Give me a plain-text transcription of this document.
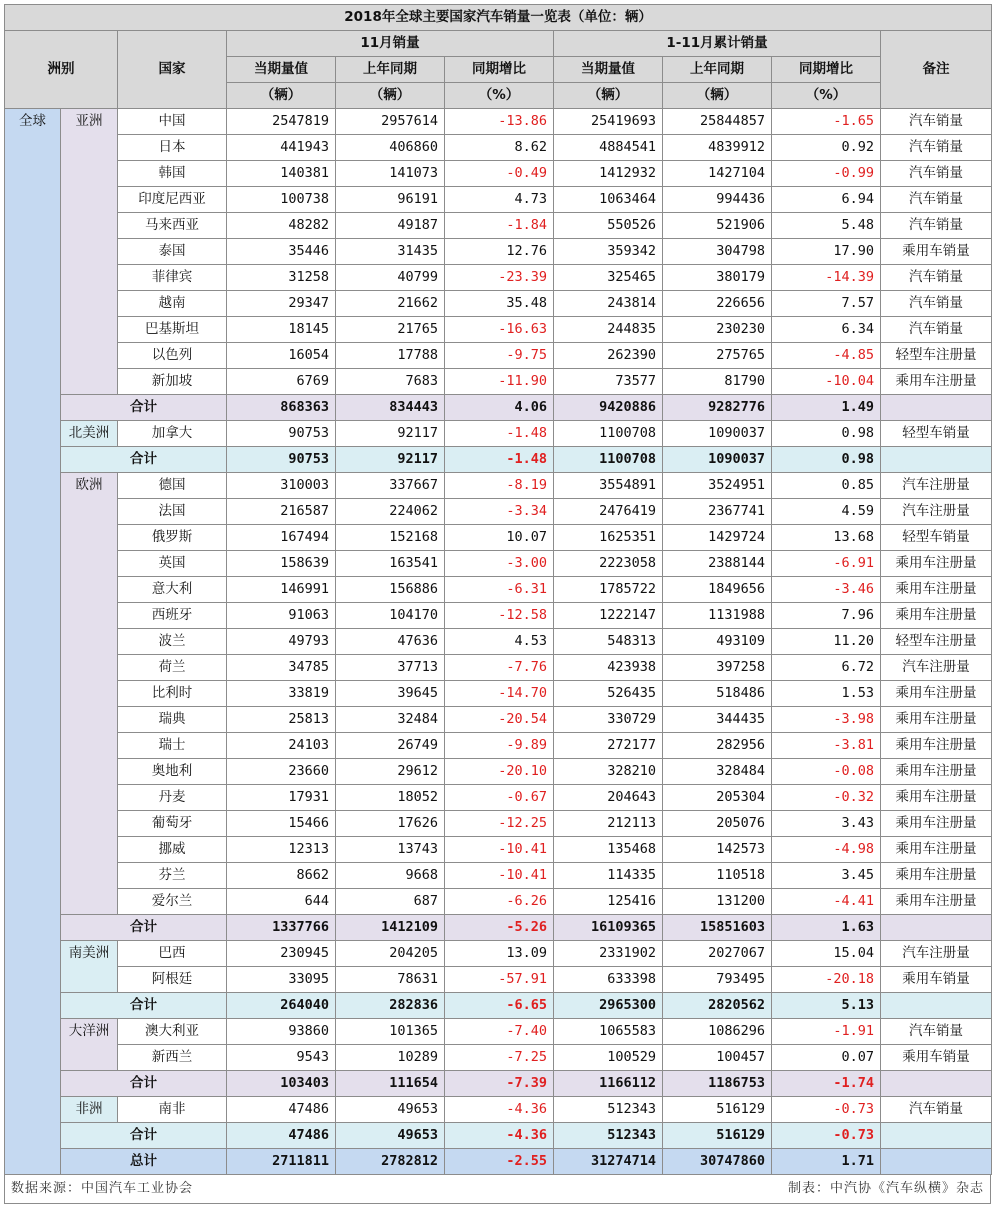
2018年全球主要国家汽车销量一览表（单位：辆）									
洲别		国家	11月销量			1-11月累计销量			备注
			当期量值	上年同期	同期增比	当期量值	上年同期	同期增比	
			（辆）	（辆）	（%）	（辆）	（辆）	（%）	
全球	亚洲	中国	2547819	2957614	-13.86	25419693	25844857	-1.65	汽车销量
		日本	441943	406860	8.62	4884541	4839912	0.92	汽车销量
		韩国	140381	141073	-0.49	1412932	1427104	-0.99	汽车销量
		印度尼西亚	100738	96191	4.73	1063464	994436	6.94	汽车销量
		马来西亚	48282	49187	-1.84	550526	521906	5.48	汽车销量
		泰国	35446	31435	12.76	359342	304798	17.90	乘用车销量
		菲律宾	31258	40799	-23.39	325465	380179	-14.39	汽车销量
		越南	29347	21662	35.48	243814	226656	7.57	汽车销量
		巴基斯坦	18145	21765	-16.63	244835	230230	6.34	汽车销量
		以色列	16054	17788	-9.75	262390	275765	-4.85	轻型车注册量
		新加坡	6769	7683	-11.90	73577	81790	-10.04	乘用车注册量
	合计		868363	834443	4.06	9420886	9282776	1.49	
	北美洲	加拿大	90753	92117	-1.48	1100708	1090037	0.98	轻型车销量
	合计		90753	92117	-1.48	1100708	1090037	0.98	
	欧洲	德国	310003	337667	-8.19	3554891	3524951	0.85	汽车注册量
		法国	216587	224062	-3.34	2476419	2367741	4.59	汽车注册量
		俄罗斯	167494	152168	10.07	1625351	1429724	13.68	轻型车销量
		英国	158639	163541	-3.00	2223058	2388144	-6.91	乘用车注册量
		意大利	146991	156886	-6.31	1785722	1849656	-3.46	乘用车注册量
		西班牙	91063	104170	-12.58	1222147	1131988	7.96	乘用车注册量
		波兰	49793	47636	4.53	548313	493109	11.20	轻型车注册量
		荷兰	34785	37713	-7.76	423938	397258	6.72	汽车注册量
		比利时	33819	39645	-14.70	526435	518486	1.53	乘用车注册量
		瑞典	25813	32484	-20.54	330729	344435	-3.98	乘用车注册量
		瑞士	24103	26749	-9.89	272177	282956	-3.81	乘用车注册量
		奥地利	23660	29612	-20.10	328210	328484	-0.08	乘用车注册量
		丹麦	17931	18052	-0.67	204643	205304	-0.32	乘用车注册量
		葡萄牙	15466	17626	-12.25	212113	205076	3.43	乘用车注册量
		挪威	12313	13743	-10.41	135468	142573	-4.98	乘用车注册量
		芬兰	8662	9668	-10.41	114335	110518	3.45	乘用车注册量
		爱尔兰	644	687	-6.26	125416	131200	-4.41	乘用车注册量
	合计		1337766	1412109	-5.26	16109365	15851603	1.63	
	南美洲	巴西	230945	204205	13.09	2331902	2027067	15.04	汽车注册量
		阿根廷	33095	78631	-57.91	633398	793495	-20.18	乘用车销量
	合计		264040	282836	-6.65	2965300	2820562	5.13	
	大洋洲	澳大利亚	93860	101365	-7.40	1065583	1086296	-1.91	汽车销量
		新西兰	9543	10289	-7.25	100529	100457	0.07	乘用车销量
	合计		103403	111654	-7.39	1166112	1186753	-1.74	
	非洲	南非	47486	49653	-4.36	512343	516129	-0.73	汽车销量
	合计		47486	49653	-4.36	512343	516129	-0.73	
	总计		2711811	2782812	-2.55	31274714	30747860	1.71	
数据来源：中国汽车工业协会	制表：中汽协《汽车纵横》杂志
